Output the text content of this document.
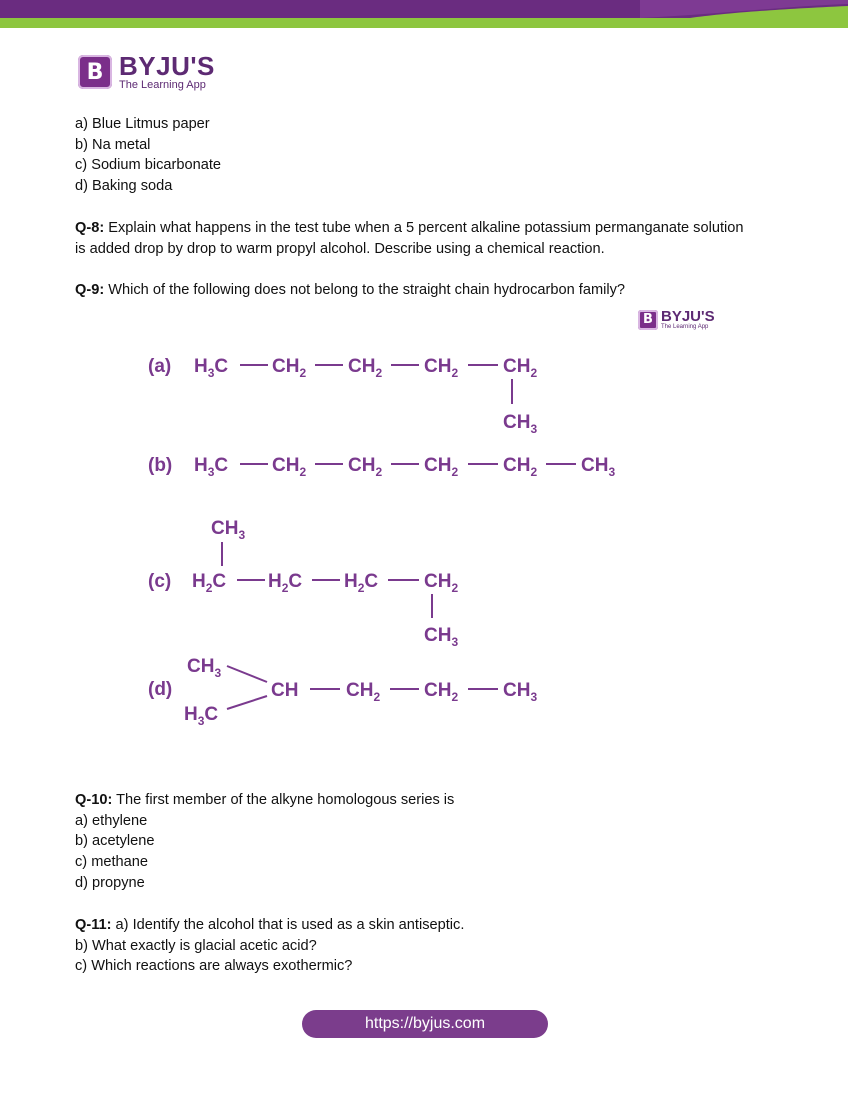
B BYJU'S
The Learning App
a) Blue Litmus paper
b) Na metal
c) Sodium bicarbonate
d) Baking soda
Q-8: Explain what happens in the test tube when a 5 percent alkaline potassium permanganate solution
is added drop by drop to warm propyl alcohol. Describe using a chemical reaction.
Q-9: Which of the following does not belong to the straight chain hydrocarbon family?
B BYJU'S
The Learning App
(a) $H_3C$ $CH_2$ $CH_2$ $CH_2$ $CH_2$
$CH_3$
(b) $H_3C$ $CH_2$ $CH_2$ $CH_2$ $CH_2$ $CH_3$
$CH_3$
(c) $H_2C$ $H_2C$ $H_2C$ $CH_2$
$CH_3$
$CH_3$
(d)
$H_3C$
CH	$CH_2$ $CH_2$ $CH_3$
Q-10: The first member of the alkyne homologous series is
a) ethylene
b) acetylene
c) methane
d) propyne
Q-11: a) Identify the alcohol that is used as a skin antiseptic.
b) What exactly is glacial acetic acid?
c) Which reactions are always exothermic?
https://byjus.com
